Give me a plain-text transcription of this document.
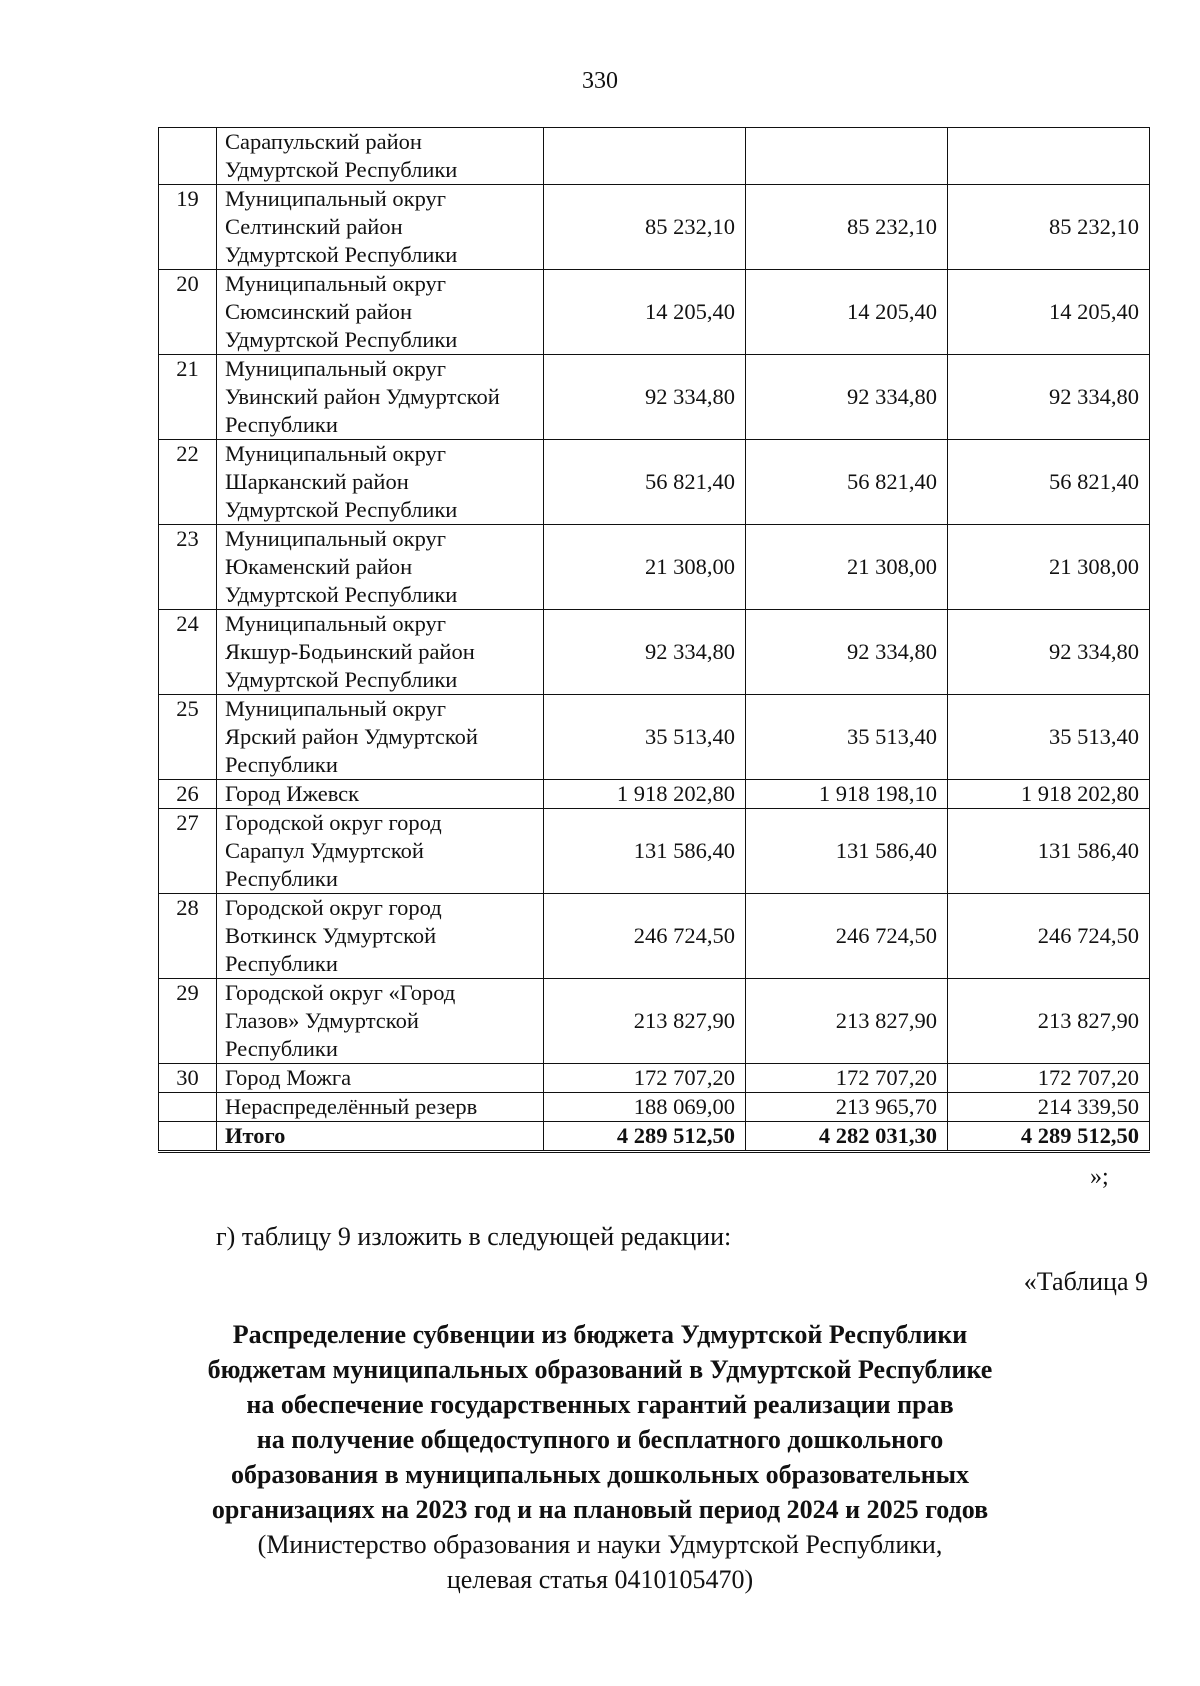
330

	Сарапульский район
Удмуртской Республики			

19	Муниципальный округ
Селтинский район
Удмуртской Республики	85 232,10	85 232,10	85 232,10
20	Муниципальный округ
Сюмсинский район
Удмуртской Республики	14 205,40	14 205,40	14 205,40
21	Муниципальный округ
Увинский район Удмуртской
Республики	92 334,80	92 334,80	92 334,80
22	Муниципальный округ
Шарканский район
Удмуртской Республики	56 821,40	56 821,40	56 821,40
23	Муниципальный округ
Юкаменский район
Удмуртской Республики	21 308,00	21 308,00	21 308,00
24	Муниципальный округ
Якшур-Бодьинский район
Удмуртской Республики	92 334,80	92 334,80	92 334,80
25	Муниципальный округ
Ярский район Удмуртской
Республики	35 513,40	35 513,40	35 513,40
26	Город Ижевск	1 918 202,80	1 918 198,10	1 918 202,80
27	Городской округ город
Сарапул Удмуртской
Республики	131 586,40	131 586,40	131 586,40
28	Городской округ город
Воткинск Удмуртской
Республики	246 724,50	246 724,50	246 724,50
29	Городской округ «Город
Глазов» Удмуртской
Республики	213 827,90	213 827,90	213 827,90
30	Город Можга	172 707,20	172 707,20	172 707,20

	Нераспределённый резерв	188 069,00	213 965,70	214 339,50
	Итого	4 289 512,50	4 282 031,30	4 289 512,50
»;
г) таблицу 9 изложить в следующей редакции:
«Таблица 9
Распределение субвенции из бюджета Удмуртской Республики
бюджетам муниципальных образований в Удмуртской Республике
на обеспечение государственных гарантий реализации прав
на получение общедоступного и бесплатного дошкольного
образования в муниципальных дошкольных образовательных
организациях на 2023 год и на плановый период 2024 и 2025 годов
(Министерство образования и науки Удмуртской Республики,
целевая статья 0410105470)
